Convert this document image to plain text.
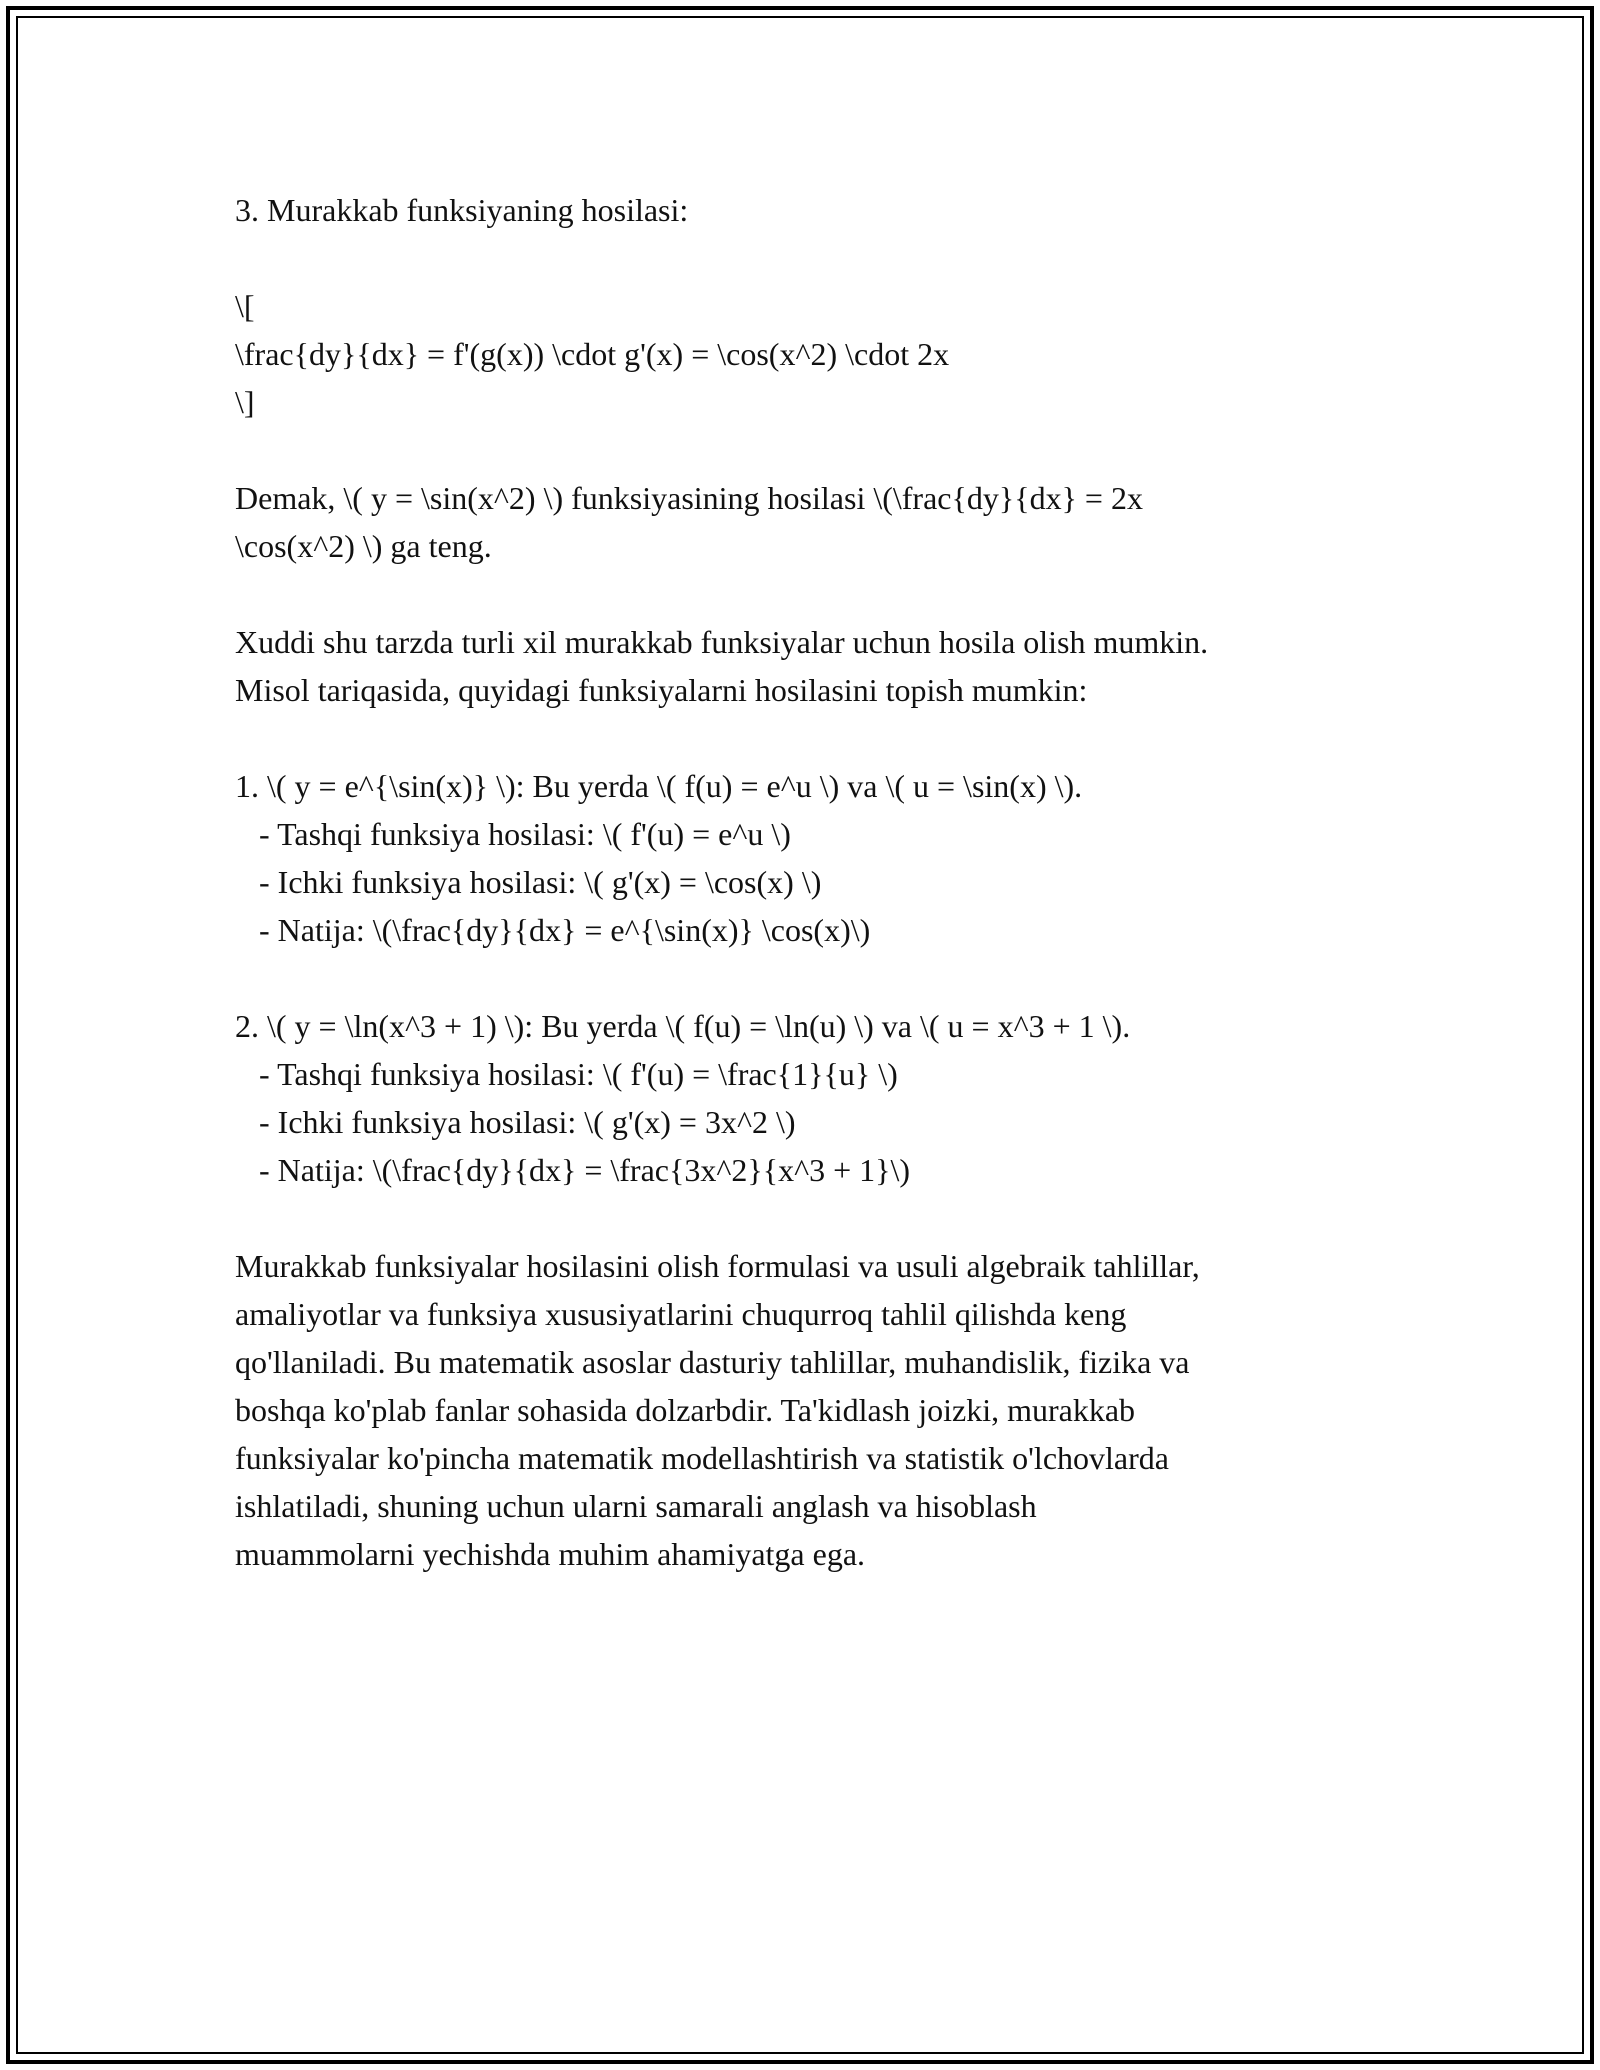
3. Murakkab funksiyaning hosilasi:
\[
\frac{dy}{dx} = f'(g(x)) \cdot g'(x) = \cos(x^2) \cdot 2x
\]
Demak, \( y = \sin(x^2) \) funksiyasining hosilasi \(\frac{dy}{dx} = 2x
\cos(x^2) \) ga teng.
Xuddi shu tarzda turli xil murakkab funksiyalar uchun hosila olish mumkin.
Misol tariqasida, quyidagi funksiyalarni hosilasini topish mumkin:
1. \( y = e^{\sin(x)} \): Bu yerda \( f(u) = e^u \) va \( u = \sin(x) \).
- Tashqi funksiya hosilasi: \( f'(u) = e^u \)
- Ichki funksiya hosilasi: \( g'(x) = \cos(x) \)
- Natija: \(\frac{dy}{dx} = e^{\sin(x)} \cos(x)\)
2. \( y = \ln(x^3 + 1) \): Bu yerda \( f(u) = \ln(u) \) va \( u = x^3 + 1 \).
- Tashqi funksiya hosilasi: \( f'(u) = \frac{1}{u} \)
- Ichki funksiya hosilasi: \( g'(x) = 3x^2 \)
- Natija: \(\frac{dy}{dx} = \frac{3x^2}{x^3 + 1}\)
Murakkab funksiyalar hosilasini olish formulasi va usuli algebraik tahlillar,
amaliyotlar va funksiya xususiyatlarini chuqurroq tahlil qilishda keng
qo'llaniladi. Bu matematik asoslar dasturiy tahlillar, muhandislik, fizika va
boshqa ko'plab fanlar sohasida dolzarbdir. Ta'kidlash joizki, murakkab
funksiyalar ko'pincha matematik modellashtirish va statistik o'lchovlarda
ishlatiladi, shuning uchun ularni samarali anglash va hisoblash
muammolarni yechishda muhim ahamiyatga ega.
